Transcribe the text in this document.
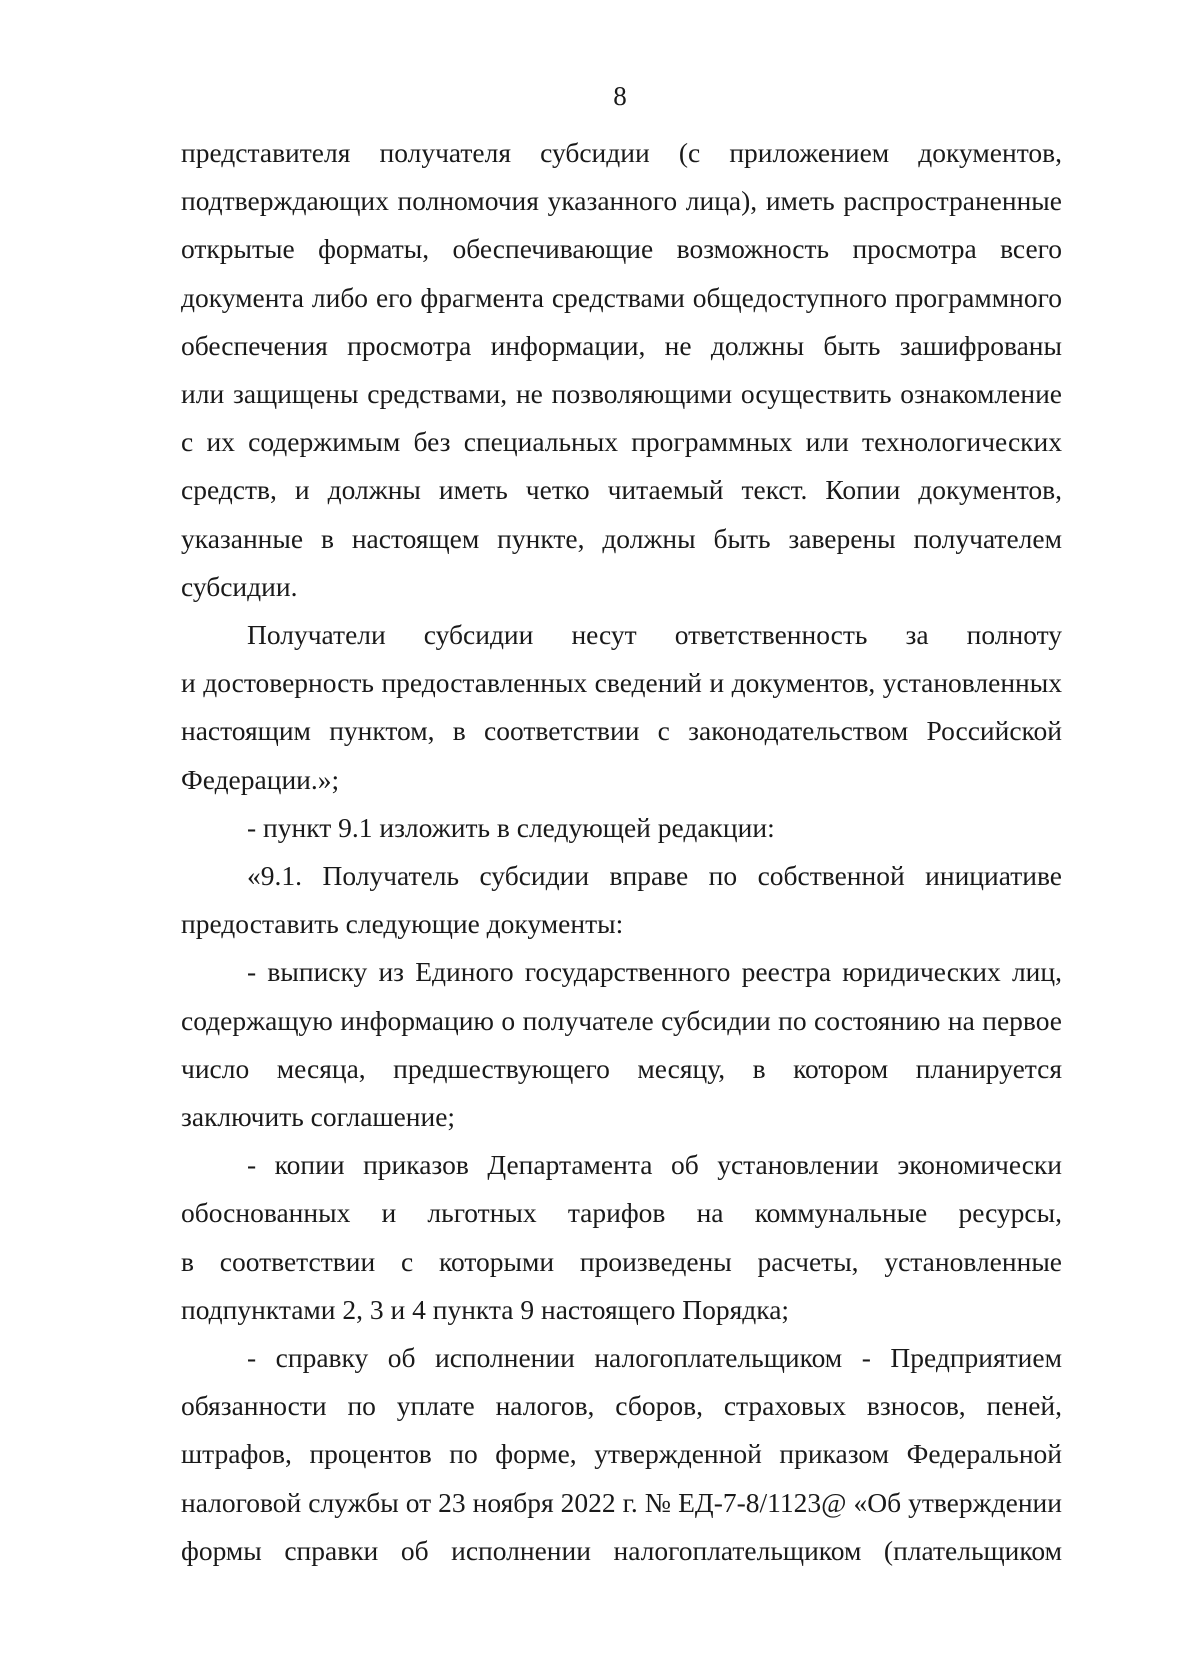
8
представителя получателя субсидии (с приложением документов,
подтверждающих полномочия указанного лица), иметь распространенные
открытые форматы, обеспечивающие возможность просмотра всего
документа либо его фрагмента средствами общедоступного программного
обеспечения просмотра информации, не должны быть зашифрованы
или защищены средствами, не позволяющими осуществить ознакомление
с их содержимым без специальных программных или технологических
средств, и должны иметь четко читаемый текст. Копии документов,
указанные в настоящем пункте, должны быть заверены получателем
субсидии.
Получатели субсидии несут ответственность за полноту
и достоверность предоставленных сведений и документов, установленных
настоящим пунктом, в соответствии с законодательством Российской
Федерации.»;
- пункт 9.1 изложить в следующей редакции:
«9.1. Получатель субсидии вправе по собственной инициативе
предоставить следующие документы:
- выписку из Единого государственного реестра юридических лиц,
содержащую информацию о получателе субсидии по состоянию на первое
число месяца, предшествующего месяцу, в котором планируется
заключить соглашение;
- копии приказов Департамента об установлении экономически
обоснованных и льготных тарифов на коммунальные ресурсы,
в соответствии с которыми произведены расчеты, установленные
подпунктами 2, 3 и 4 пункта 9 настоящего Порядка;
- справку об исполнении налогоплательщиком - Предприятием
обязанности по уплате налогов, сборов, страховых взносов, пеней,
штрафов, процентов по форме, утвержденной приказом Федеральной
налоговой службы от 23 ноября 2022 г. № ЕД-7-8/1123@ «Об утверждении
формы справки об исполнении налогоплательщиком (плательщиком
